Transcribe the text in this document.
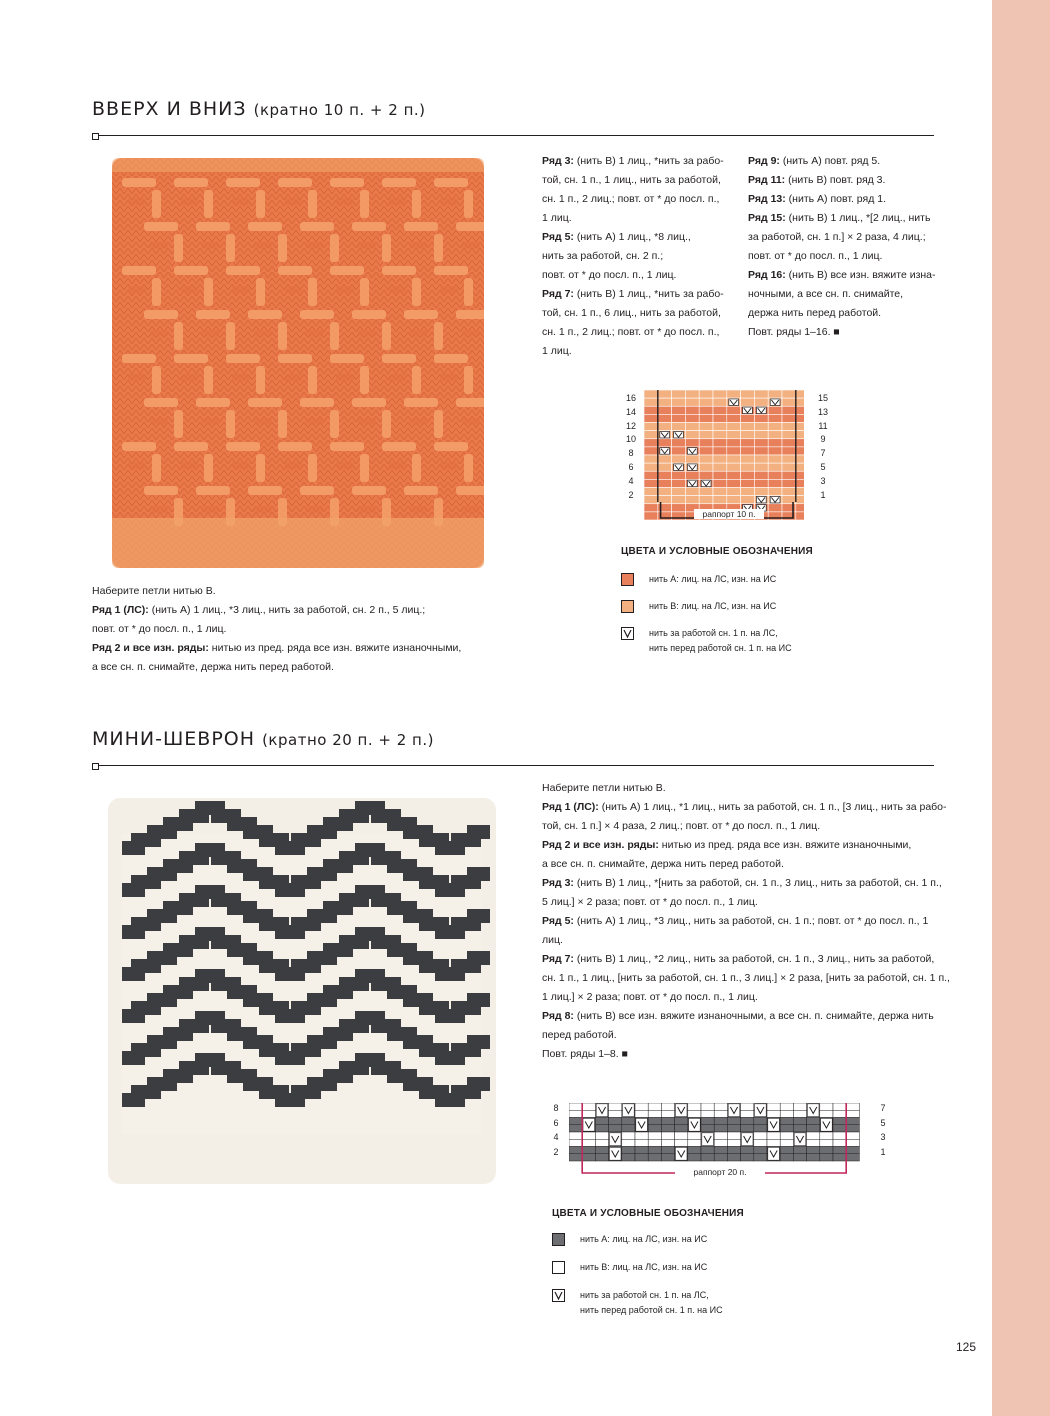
ВВЕРХ И ВНИЗ (кратно 10 п. + 2 п.)

Наберите петли нитью B.

Ряд 1 (ЛС): (нить A) 1 лиц., *3 лиц., нить за работой, сн. 2 п., 5 лиц.;

повт. от * до посл. п., 1 лиц.

Ряд 2 и все изн. ряды: нитью из пред. ряда все изн. вяжите изнаночными,

а все сн. п. снимайте, держа нить перед работой.

Ряд 3: (нить B) 1 лиц., *нить за рабо-

той, сн. 1 п., 1 лиц., нить за работой,

сн. 1 п., 2 лиц.; повт. от * до посл. п.,

1 лиц.

Ряд 5: (нить A) 1 лиц., *8 лиц.,

нить за работой, сн. 2 п.;

повт. от * до посл. п., 1 лиц.

Ряд 7: (нить B) 1 лиц., *нить за рабо-

той, сн. 1 п., 6 лиц., нить за работой,

сн. 1 п., 2 лиц.; повт. от * до посл. п.,

1 лиц.

Ряд 9: (нить A) повт. ряд 5.

Ряд 11: (нить B) повт. ряд 3.

Ряд 13: (нить A) повт. ряд 1.

Ряд 15: (нить B) 1 лиц., *[2 лиц., нить

за работой, сн. 1 п.] × 2 раза, 4 лиц.;

повт. от * до посл. п., 1 лиц.

Ряд 16: (нить B) все изн. вяжите изна-

ночными, а все сн. п. снимайте,

держа нить перед работой.

Повт. ряды 1–16. ■

16
14
12
10
8
6
4
2
15
13
11
9
7
5
3
1
раппорт 10 п.
ЦВЕТА И УСЛОВНЫЕ ОБОЗНАЧЕНИЯ
нить A: лиц. на ЛС, изн. на ИС
нить B: лиц. на ЛС, изн. на ИС
нить за работой сн. 1 п. на ЛС,
нить перед работой сн. 1 п. на ИС
МИНИ-ШЕВРОН (кратно 20 п. + 2 п.)

Наберите петли нитью B.

Ряд 1 (ЛС): (нить A) 1 лиц., *1 лиц., нить за работой, сн. 1 п., [3 лиц., нить за рабо-

той, сн. 1 п.] × 4 раза, 2 лиц.; повт. от * до посл. п., 1 лиц.

Ряд 2 и все изн. ряды: нитью из пред. ряда все изн. вяжите изнаночными,

а все сн. п. снимайте, держа нить перед работой.

Ряд 3: (нить B) 1 лиц., *[нить за работой, сн. 1 п., 3 лиц., нить за работой, сн. 1 п.,

5 лиц.] × 2 раза; повт. от * до посл. п., 1 лиц.

Ряд 5: (нить A) 1 лиц., *3 лиц., нить за работой, сн. 1 п.; повт. от * до посл. п., 1 лиц.

Ряд 7: (нить B) 1 лиц., *2 лиц., нить за работой, сн. 1 п., 3 лиц., нить за работой,

сн. 1 п., 1 лиц., [нить за работой, сн. 1 п., 3 лиц.] × 2 раза, [нить за работой, сн. 1 п.,

1 лиц.] × 2 раза; повт. от * до посл. п., 1 лиц.

Ряд 8: (нить B) все изн. вяжите изнаночными, а все сн. п. снимайте, держа нить

перед работой.

Повт. ряды 1–8. ■

8
6
4
2
7
5
3
1
раппорт 20 п.
ЦВЕТА И УСЛОВНЫЕ ОБОЗНАЧЕНИЯ
нить A: лиц. на ЛС, изн. на ИС
нить B: лиц. на ЛС, изн. на ИС
нить за работой сн. 1 п. на ЛС,
нить перед работой сн. 1 п. на ИС
125
